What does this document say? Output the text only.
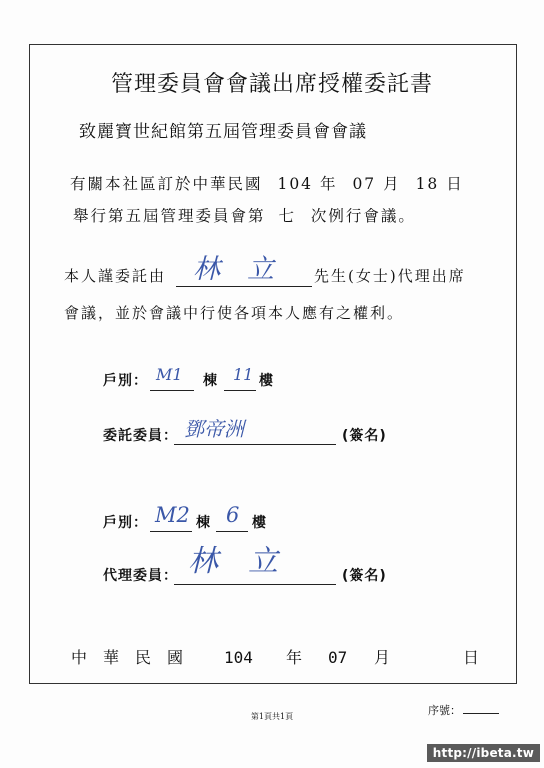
管理委員會會議出席授權委託書
致麗寶世紀館第五屆管理委員會會議
有關本社區訂於中華民國 104 年 07 月 18 日
舉行第五屆管理委員會第 七 次例行會議。
本人謹委託由 林　立	先生(女士)代理出席
會議，並於會議中行使各項本人應有之權利。
戶別： M1 棟 11 樓
委託委員： 鄧帝洲	(簽名)
戶別： M2 棟 6 樓
代理委員： 林　立	(簽名)
中　華　民　國	104 年 07 月	日
序號：
第1頁共1頁
http://ibeta.tw
